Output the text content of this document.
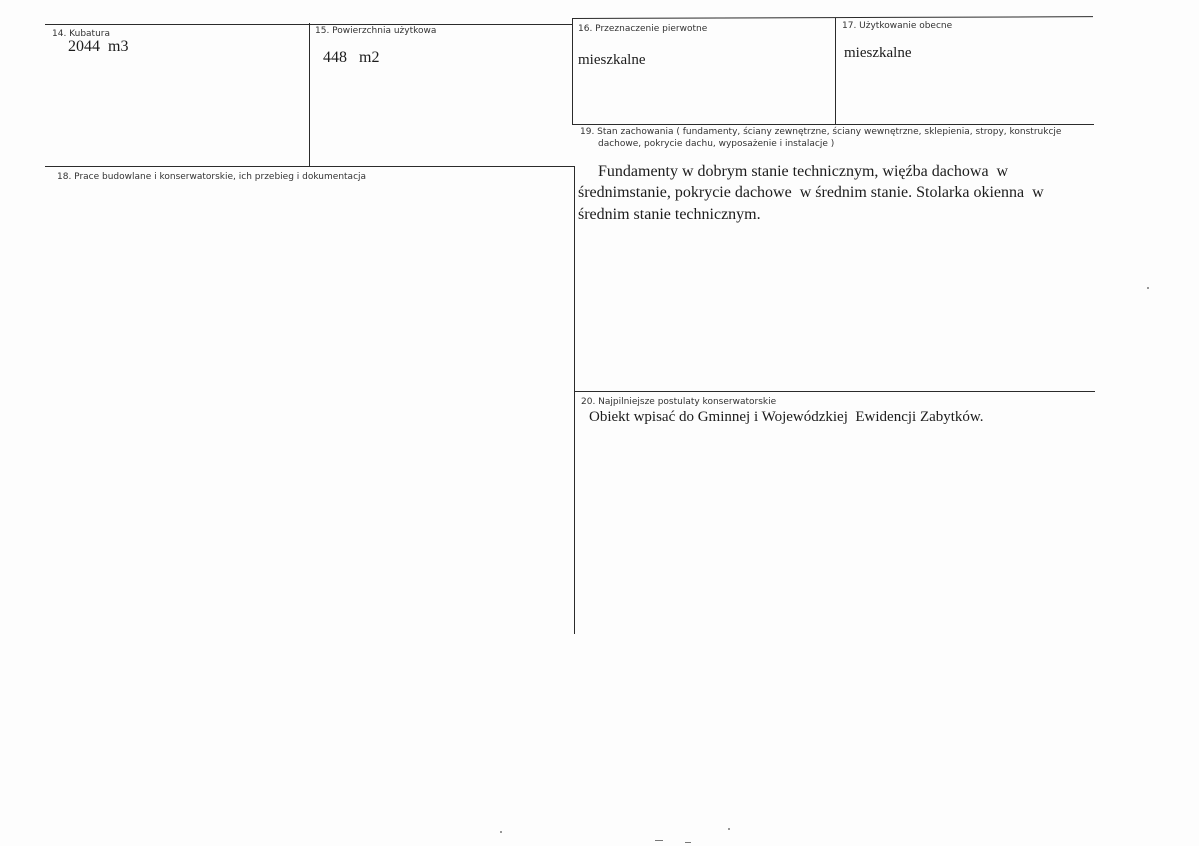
14. Kubatura
2044  m3
15. Powierzchnia użytkowa
448   m2
16. Przeznaczenie pierwotne
mieszkalne
17. Użytkowanie obecne
mieszkalne
18. Prace budowlane i konserwatorskie, ich przebieg i dokumentacja
19. Stan zachowania ( fundamenty, ściany zewnętrzne, ściany wewnętrzne, sklepienia, stropy, konstrukcje
dachowe, pokrycie dachu, wyposażenie i instalacje )
Fundamenty w dobrym stanie technicznym, więźba dachowa  w
średnimstanie, pokrycie dachowe  w średnim stanie. Stolarka okienna  w
średnim stanie technicznym.
20. Najpilniejsze postulaty konserwatorskie
Obiekt wpisać do Gminnej i Wojewódzkiej  Ewidencji Zabytków.
